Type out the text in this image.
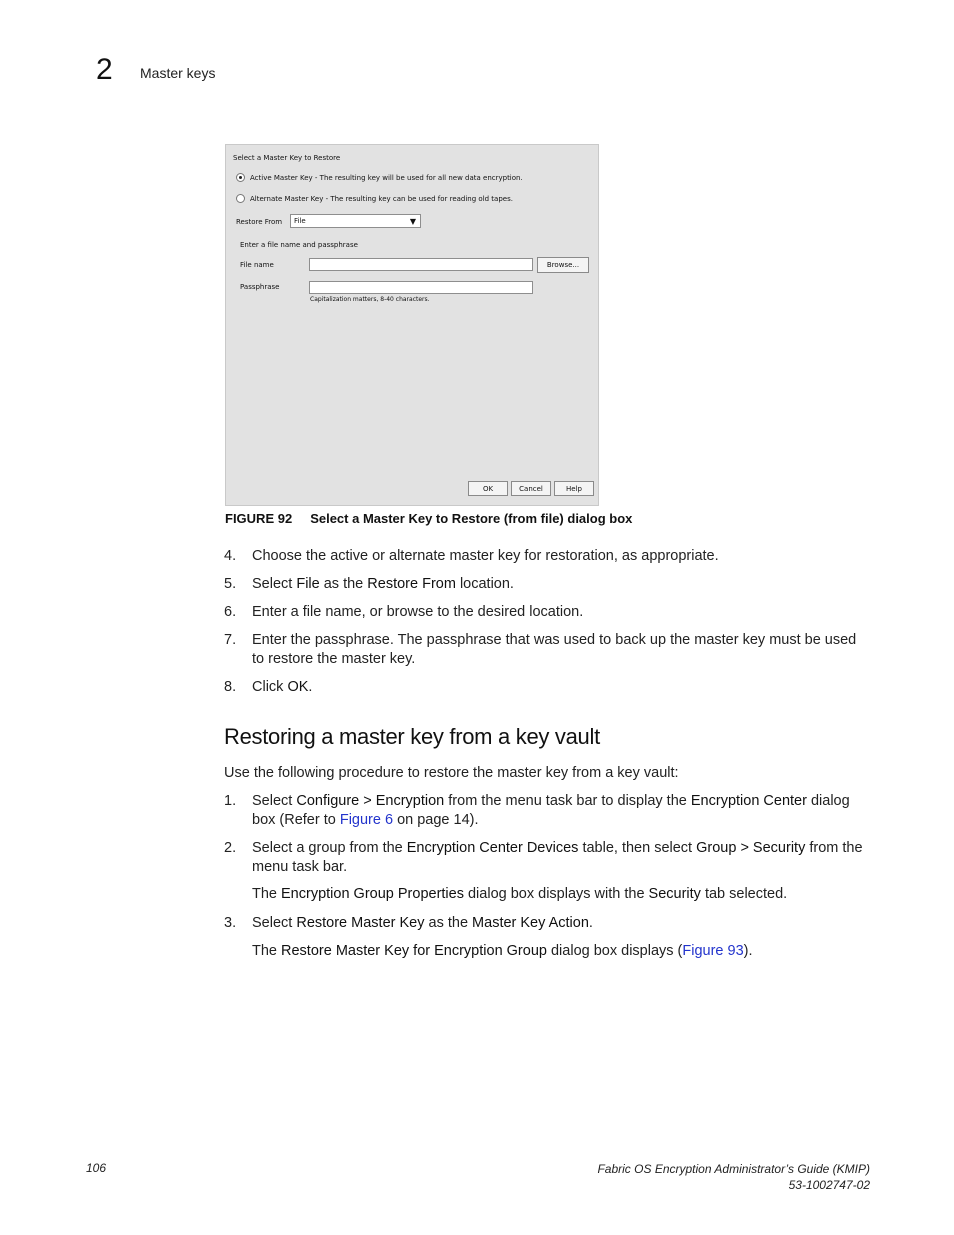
2 Master keys
Select a Master Key to Restore
Active Master Key - The resulting key will be used for all new data encryption.
Alternate Master Key - The resulting key can be used for reading old tapes.
Restore From File	▼
Enter a file name and passphrase
File name	Browse...
Passphrase
Capitalization matters, 8-40 characters.
OK	Cancel	Help
FIGURE 92 Select a Master Key to Restore (from file) dialog box
4. Choose the active or alternate master key for restoration, as appropriate.
5. Select File as the Restore From location.
6. Enter a file name, or browse to the desired location.
7. Enter the passphrase. The passphrase that was used to back up the master key must be used to restore the master key.
8. Click OK.
Restoring a master key from a key vault
Use the following procedure to restore the master key from a key vault:
1. Select Configure > Encryption from the menu task bar to display the Encryption Center dialog box (Refer to Figure 6 on page 14).
2. Select a group from the Encryption Center Devices table, then select Group > Security from the menu task bar.
The Encryption Group Properties dialog box displays with the Security tab selected.
3. Select Restore Master Key as the Master Key Action.
The Restore Master Key for Encryption Group dialog box displays (Figure 93).
106	Fabric OS Encryption Administrator’s Guide (KMIP)
53-1002747-02
